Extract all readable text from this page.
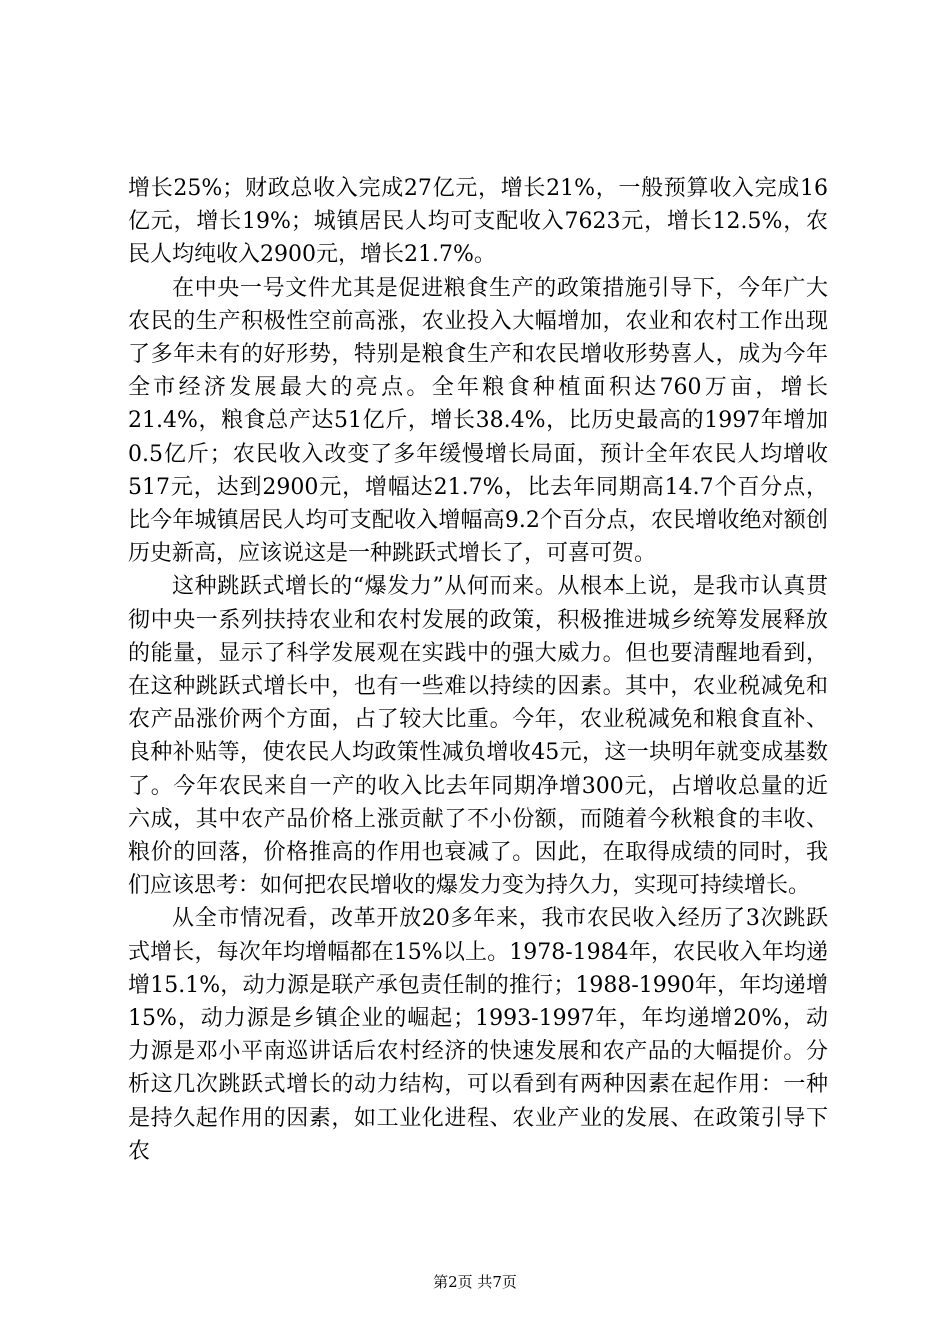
增长25%；财政总收入完成27亿元，增长21%，一般预算收入完成16亿元，增长19%；城镇居民人均可支配收入7623元，增长12.5%，农民人均纯收入2900元，增长21.7%。

在中央一号文件尤其是促进粮食生产的政策措施引导下，今年广大农民的生产积极性空前高涨，农业投入大幅增加，农业和农村工作出现了多年未有的好形势，特别是粮食生产和农民增收形势喜人，成为今年全市经济发展最大的亮点。全年粮食种植面积达760万亩，增长21.4%，粮食总产达51亿斤，增长38.4%，比历史最高的1997年增加0.5亿斤；农民收入改变了多年缓慢增长局面，预计全年农民人均增收517元，达到2900元，增幅达21.7%，比去年同期高14.7个百分点，比今年城镇居民人均可支配收入增幅高9.2个百分点，农民增收绝对额创历史新高，应该说这是一种跳跃式增长了，可喜可贺。

这种跳跃式增长的“爆发力”从何而来。从根本上说，是我市认真贯彻中央一系列扶持农业和农村发展的政策，积极推进城乡统筹发展释放的能量，显示了科学发展观在实践中的强大威力。但也要清醒地看到，在这种跳跃式增长中，也有一些难以持续的因素。其中，农业税减免和农产品涨价两个方面，占了较大比重。今年，农业税减免和粮食直补、良种补贴等，使农民人均政策性减负增收45元，这一块明年就变成基数了。今年农民来自一产的收入比去年同期净增300元，占增收总量的近六成，其中农产品价格上涨贡献了不小份额，而随着今秋粮食的丰收、粮价的回落，价格推高的作用也衰减了。因此，在取得成绩的同时，我们应该思考：如何把农民增收的爆发力变为持久力，实现可持续增长。

从全市情况看，改革开放20多年来，我市农民收入经历了3次跳跃式增长，每次年均增幅都在15%以上。1978-1984年，农民收入年均递增15.1%，动力源是联产承包责任制的推行；1988-1990年，年均递增15%，动力源是乡镇企业的崛起；1993-1997年，年均递增20%，动力源是邓小平南巡讲话后农村经济的快速发展和农产品的大幅提价。分析这几次跳跃式增长的动力结构，可以看到有两种因素在起作用：一种是持久起作用的因素，如工业化进程、农业产业的发展、在政策引导下农

第2页 共7页
